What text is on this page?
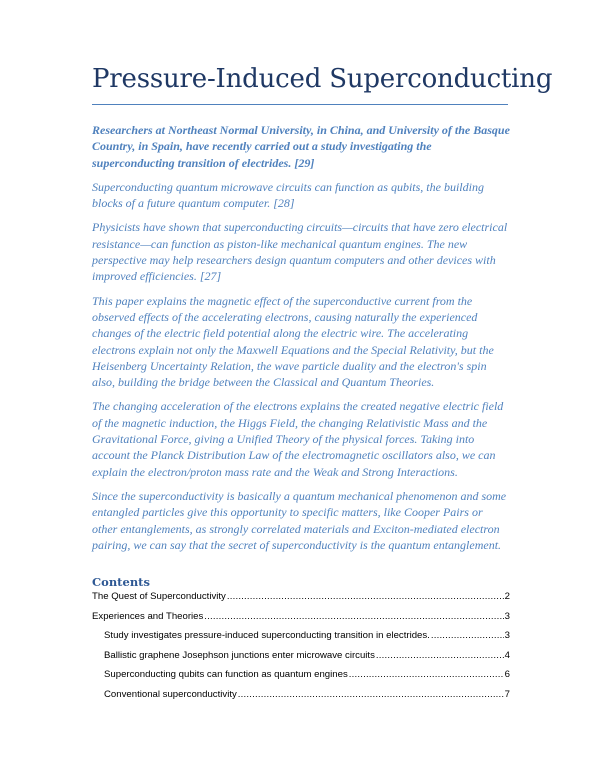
Pressure-Induced Superconducting

Researchers at Northeast Normal University, in China, and University of the Basque Country, in Spain, have recently carried out a study investigating the superconducting transition of electrides. [29]

Superconducting quantum microwave circuits can function as qubits, the building blocks of a future quantum computer. [28]

Physicists have shown that superconducting circuits—circuits that have zero electrical resistance—can function as piston-like mechanical quantum engines. The new perspective may help researchers design quantum computers and other devices with improved efficiencies. [27]

This paper explains the magnetic effect of the superconductive current from the observed effects of the accelerating electrons, causing naturally the experienced changes of the electric field potential along the electric wire. The accelerating electrons explain not only the Maxwell Equations and the Special Relativity, but the Heisenberg Uncertainty Relation, the wave particle duality and the electron's spin also, building the bridge between the Classical and Quantum Theories.

The changing acceleration of the electrons explains the created negative electric field of the magnetic induction, the Higgs Field, the changing Relativistic Mass and the Gravitational Force, giving a Unified Theory of the physical forces. Taking into account the Planck Distribution Law of the electromagnetic oscillators also, we can explain the electron/proton mass rate and the Weak and Strong Interactions.

Since the superconductivity is basically a quantum mechanical phenomenon and some entangled particles give this opportunity to specific matters, like Cooper Pairs or other entanglements, as strongly correlated materials and Exciton-mediated electron pairing, we can say that the secret of superconductivity is the quantum entanglement.

Contents
The Quest of Superconductivity .....	2
Experiences and Theories .....	3
Study investigates pressure-induced superconducting transition in electrides. .....	3
Ballistic graphene Josephson junctions enter microwave circuits .....	4
Superconducting qubits can function as quantum engines .....	6
Conventional superconductivity .....	7
